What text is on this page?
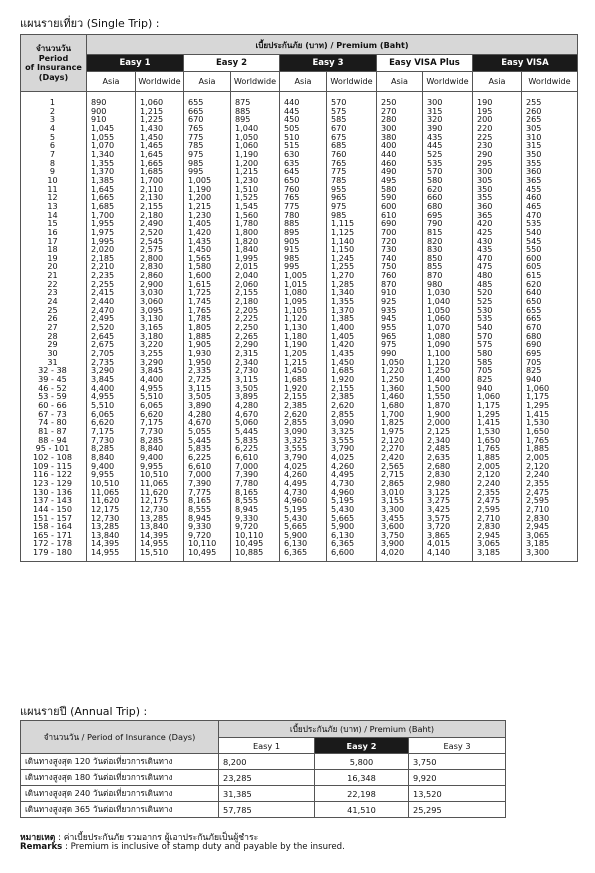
แผนรายเที่ยว (Single Trip) :
จำนวนวัน
Period
of Insurance
(Days)	เบี้ยประกันภัย (บาท) / Premium (Baht)									
	Easy 1		Easy 2		Easy 3		Easy VISA Plus		Easy VISA	
	Asia	Worldwide	Asia	Worldwide	Asia	Worldwide	Asia	Worldwide	Asia	Worldwide
1	890	1,060	655	875	440	570	250	300	190	255
2	900	1,215	665	885	445	575	270	315	195	260
3	910	1,225	670	895	450	585	280	320	200	265
4	1,045	1,430	765	1,040	505	670	300	390	220	305
5	1,055	1,450	775	1,050	510	675	380	435	225	310
6	1,070	1,465	785	1,060	515	685	400	445	230	315
7	1,340	1,645	975	1,190	630	760	440	525	290	350
8	1,355	1,665	985	1,200	635	765	460	535	295	355
9	1,370	1,685	995	1,215	645	775	490	570	300	360
10	1,385	1,700	1,005	1,230	650	785	495	580	305	365
11	1,645	2,110	1,190	1,510	760	955	580	620	350	455
12	1,665	2,130	1,200	1,525	765	965	590	660	355	460
13	1,685	2,155	1,215	1,545	775	975	600	680	360	465
14	1,700	2,180	1,230	1,560	780	985	610	695	365	470
15	1,955	2,490	1,405	1,780	885	1,115	690	790	420	535
16	1,975	2,520	1,420	1,800	895	1,125	700	815	425	540
17	1,995	2,545	1,435	1,820	905	1,140	720	820	430	545
18	2,020	2,575	1,450	1,840	915	1,150	730	830	435	550
19	2,185	2,800	1,565	1,995	985	1,245	740	850	470	600
20	2,210	2,830	1,580	2,015	995	1,255	750	855	475	605
21	2,235	2,860	1,600	2,040	1,005	1,270	760	870	480	615
22	2,255	2,900	1,615	2,060	1,015	1,285	870	980	485	620
23	2,415	3,030	1,725	2,155	1,080	1,340	910	1,030	520	640
24	2,440	3,060	1,745	2,180	1,095	1,355	925	1,040	525	650
25	2,470	3,095	1,765	2,205	1,105	1,370	935	1,050	530	655
26	2,495	3,130	1,785	2,225	1,120	1,385	945	1,060	535	665
27	2,520	3,165	1,805	2,250	1,130	1,400	955	1,070	540	670
28	2,645	3,180	1,885	2,265	1,180	1,405	965	1,080	570	680
29	2,675	3,220	1,905	2,290	1,190	1,420	975	1,090	575	690
30	2,705	3,255	1,930	2,315	1,205	1,435	990	1,100	580	695
31	2,735	3,290	1,950	2,340	1,215	1,450	1,050	1,120	585	705
32 - 38	3,290	3,845	2,335	2,730	1,450	1,685	1,220	1,250	705	825
39 - 45	3,845	4,400	2,725	3,115	1,685	1,920	1,250	1,400	825	940
46 - 52	4,400	4,955	3,115	3,505	1,920	2,155	1,360	1,500	940	1,060
53 - 59	4,955	5,510	3,505	3,895	2,155	2,385	1,460	1,550	1,060	1,175
60 - 66	5,510	6,065	3,890	4,280	2,385	2,620	1,680	1,870	1,175	1,295
67 - 73	6,065	6,620	4,280	4,670	2,620	2,855	1,700	1,900	1,295	1,415
74 - 80	6,620	7,175	4,670	5,060	2,855	3,090	1,825	2,000	1,415	1,530
81 - 87	7,175	7,730	5,055	5,445	3,090	3,325	1,975	2,125	1,530	1,650
88 - 94	7,730	8,285	5,445	5,835	3,325	3,555	2,120	2,340	1,650	1,765
95 - 101	8,285	8,840	5,835	6,225	3,555	3,790	2,270	2,485	1,765	1,885
102 - 108	8,840	9,400	6,225	6,610	3,790	4,025	2,420	2,635	1,885	2,005
109 - 115	9,400	9,955	6,610	7,000	4,025	4,260	2,565	2,680	2,005	2,120
116 - 122	9,955	10,510	7,000	7,390	4,260	4,495	2,715	2,830	2,120	2,240
123 - 129	10,510	11,065	7,390	7,780	4,495	4,730	2,865	2,980	2,240	2,355
130 - 136	11,065	11,620	7,775	8,165	4,730	4,960	3,010	3,125	2,355	2,475
137 - 143	11,620	12,175	8,165	8,555	4,960	5,195	3,155	3,275	2,475	2,595
144 - 150	12,175	12,730	8,555	8,945	5,195	5,430	3,300	3,425	2,595	2,710
151 - 157	12,730	13,285	8,945	9,330	5,430	5,665	3,455	3,575	2,710	2,830
158 - 164	13,285	13,840	9,330	9,720	5,665	5,900	3,600	3,720	2,830	2,945
165 - 171	13,840	14,395	9,720	10,110	5,900	6,130	3,750	3,865	2,945	3,065
172 - 178	14,395	14,955	10,110	10,495	6,130	6,365	3,900	4,015	3,065	3,185
179 - 180	14,955	15,510	10,495	10,885	6,365	6,600	4,020	4,140	3,185	3,300
แผนรายปี (Annual Trip) :
จำนวนวัน / Period of Insurance (Days)	เบี้ยประกันภัย (บาท) / Premium (Baht)		
	Easy 1	Easy 2	Easy 3
เดินทางสูงสุด 120 วันต่อเที่ยวการเดินทาง	8,200	5,800	3,750
เดินทางสูงสุด 180 วันต่อเที่ยวการเดินทาง	23,285	16,348	9,920
เดินทางสูงสุด 240 วันต่อเที่ยวการเดินทาง	31,385	22,198	13,520
เดินทางสูงสุด 365 วันต่อเที่ยวการเดินทาง	57,785	41,510	25,295
หมายเหตุ : ค่าเบี้ยประกันภัย รวมอากร ผู้เอาประกันภัยเป็นผู้ชำระ
Remarks : Premium is inclusive of stamp duty and payable by the insured.
